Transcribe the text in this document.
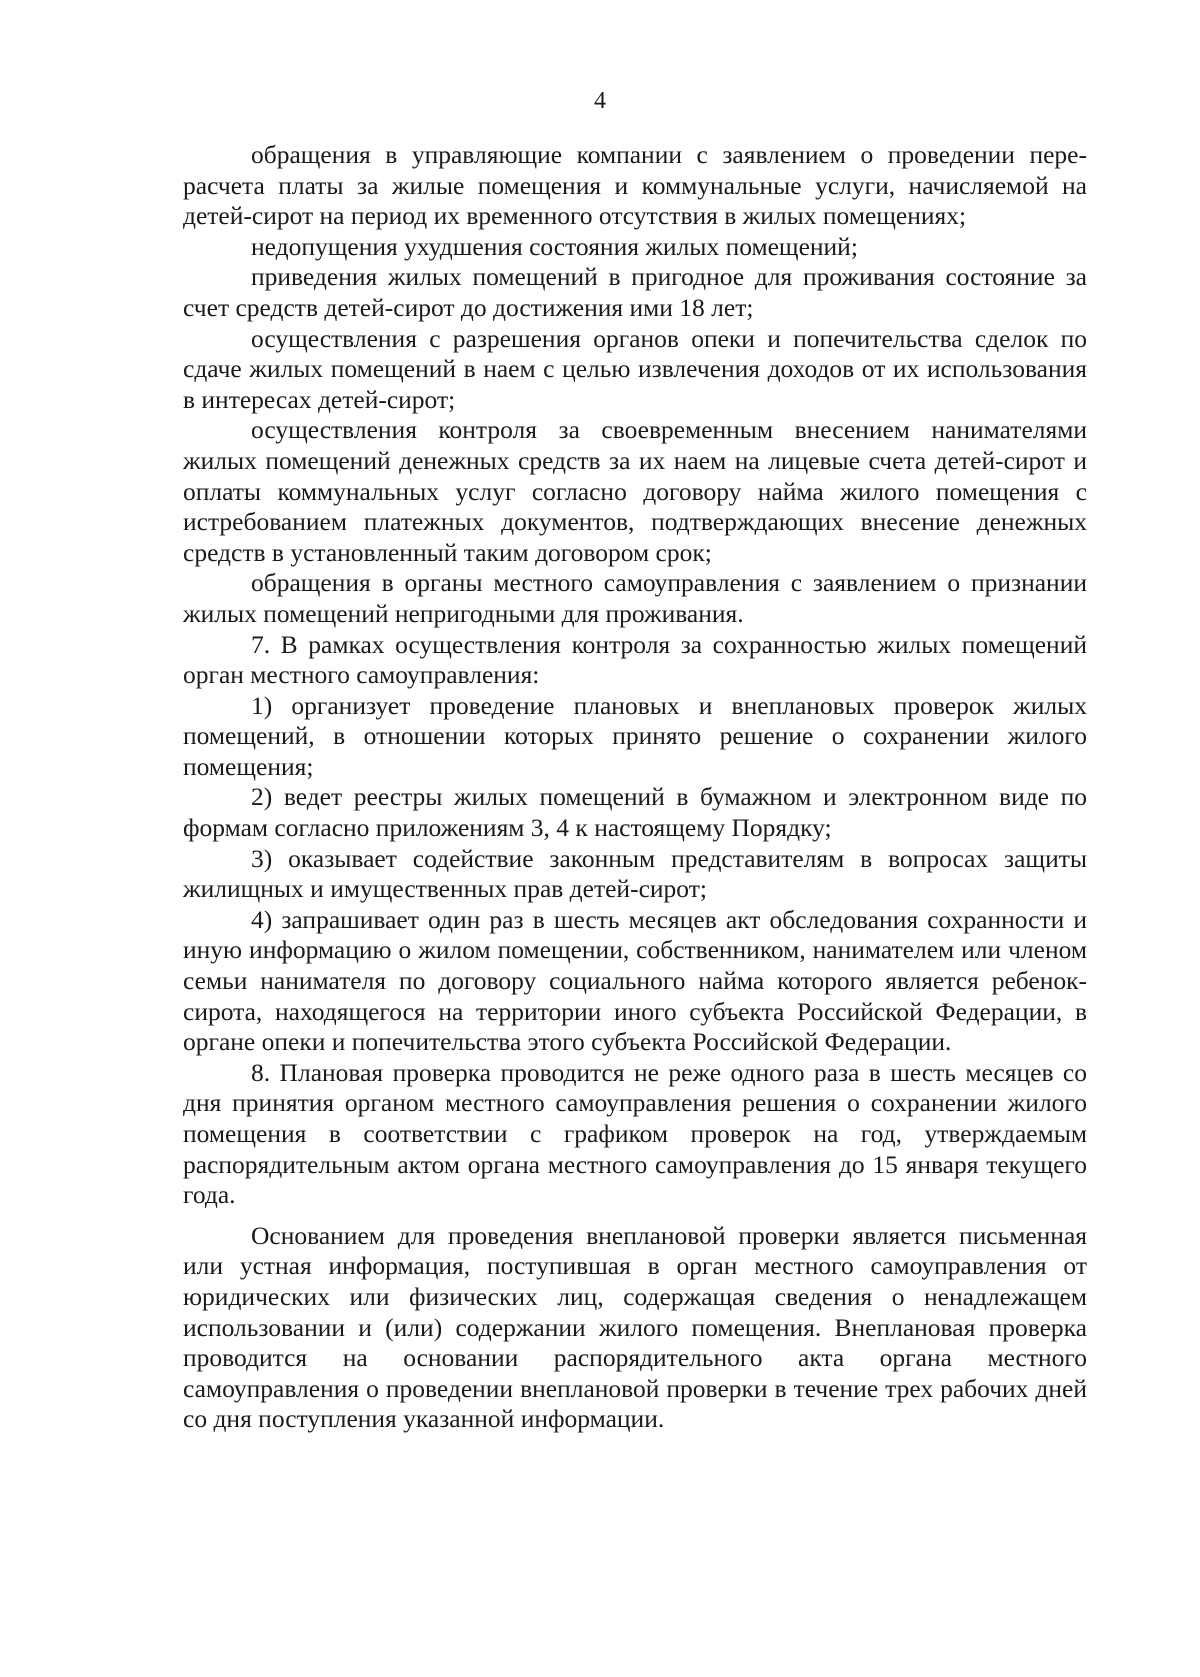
4

обращения в управляющие компании с заявлением о проведении перерасчета платы за жилые помещения и коммунальные услуги, начисляемой на детей-сирот на период их временного отсутствия в жилых помещениях;

недопущения ухудшения состояния жилых помещений;

приведения жилых помещений в пригодное для проживания состояние за счет средств детей-сирот до достижения ими 18 лет;

осуществления с разрешения органов опеки и попечительства сделок по сдаче жилых помещений в наем с целью извлечения доходов от их использования в интересах детей-сирот;

осуществления контроля за своевременным внесением нанимателями жилых помещений денежных средств за их наем на лицевые счета детей-сирот и оплаты коммунальных услуг согласно договору найма жилого помещения с истребованием платежных документов, подтверждающих внесение денежных средств в установленный таким договором срок;

обращения в органы местного самоуправления с заявлением о признании жилых помещений непригодными для проживания.

7. В рамках осуществления контроля за сохранностью жилых помещений орган местного самоуправления:

1) организует проведение плановых и внеплановых проверок жилых помещений, в отношении которых принято решение о сохранении жилого помещения;

2) ведет реестры жилых помещений в бумажном и электронном виде по формам согласно приложениям 3, 4 к настоящему Порядку;

3) оказывает содействие законным представителям в вопросах защиты жилищных и имущественных прав детей-сирот;

4) запрашивает один раз в шесть месяцев акт обследования сохранности и иную информацию о жилом помещении, собственником, нанимателем или членом семьи нанимателя по договору социального найма которого является ребенок-сирота, находящегося на территории иного субъекта Российской Федерации, в органе опеки и попечительства этого субъекта Российской Федерации.

8. Плановая проверка проводится не реже одного раза в шесть месяцев со дня принятия органом местного самоуправления решения о сохранении жилого помещения в соответствии с графиком проверок на год, утверждаемым распорядительным актом органа местного самоуправления до 15 января текущего года.

Основанием для проведения внеплановой проверки является письменная или устная информация, поступившая в орган местного самоуправления от юридических или физических лиц, содержащая сведения о ненадлежащем использовании и (или) содержании жилого помещения. Внеплановая проверка проводится на основании распорядительного акта органа местного самоуправления о проведении внеплановой проверки в течение трех рабочих дней со дня поступления указанной информации.
